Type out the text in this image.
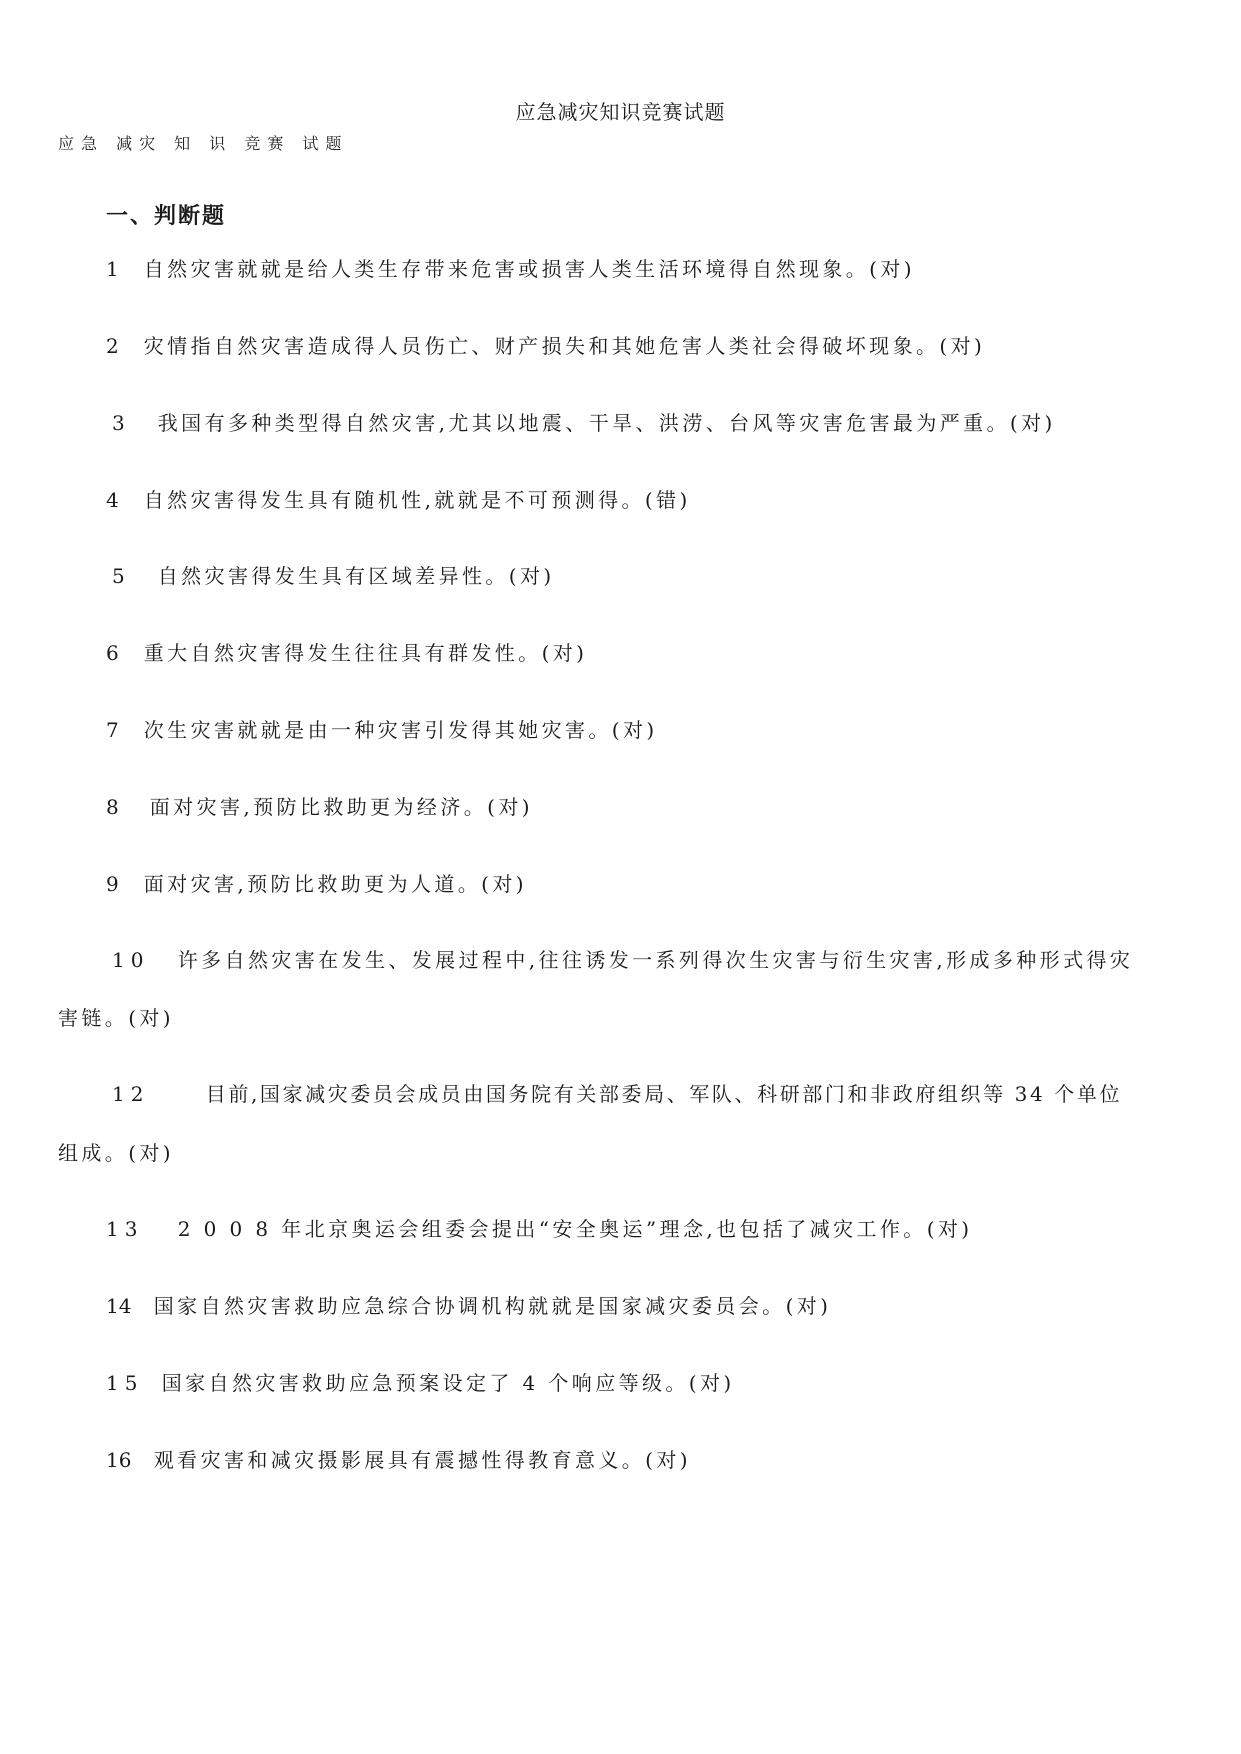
应急减灾知识竞赛试题
应急 减灾 知 识 竞赛 试题
一、判断题
1 自然灾害就就是给人类生存带来危害或损害人类生活环境得自然现象。(对)
2 灾情指自然灾害造成得人员伤亡、财产损失和其她危害人类社会得破坏现象。(对)
3 我国有多种类型得自然灾害,尤其以地震、干旱、洪涝、台风等灾害危害最为严重。(对)
4 自然灾害得发生具有随机性,就就是不可预测得。(错)
5 自然灾害得发生具有区域差异性。(对)
6 重大自然灾害得发生往往具有群发性。(对)
7 次生灾害就就是由一种灾害引发得其她灾害。(对)
8 面对灾害,预防比救助更为经济。(对)
9 面对灾害,预防比救助更为人道。(对)
10 许多自然灾害在发生、发展过程中,往往诱发一系列得次生灾害与衍生灾害,形成多种形式得灾
害链。(对)
12	目前,国家减灾委员会成员由国务院有关部委局、军队、科研部门和非政府组织等 34 个单位
组成。(对)
13 2 0 0 8 年北京奥运会组委会提出“安全奥运”理念,也包括了减灾工作。(对)
14 国家自然灾害救助应急综合协调机构就就是国家减灾委员会。(对)
15 国家自然灾害救助应急预案设定了 4 个响应等级。(对)
16 观看灾害和减灾摄影展具有震撼性得教育意义。(对)
